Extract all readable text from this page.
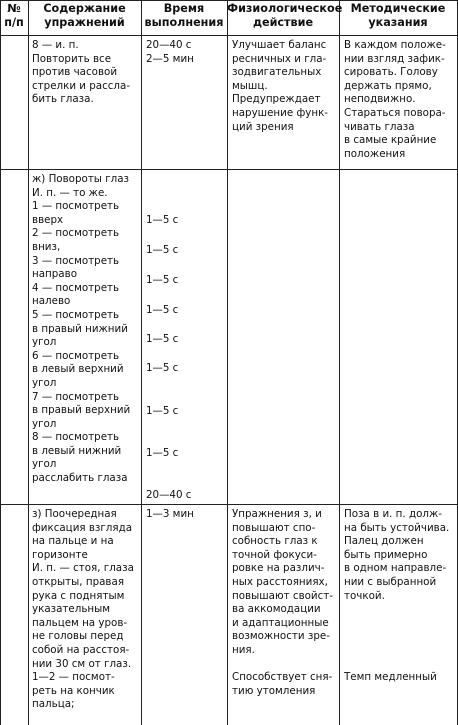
№
п/п
Содержание
упражнений
Время
выполнения
Физиологическое
действие
Методические
указания
8 — и. п.
Повторить все
против часовой
стрелки и рассла-
бить глаза.
20—40 с
2—5 мин
Улучшает баланс
ресничных и гла-
зодвигательных
мышц.
Предупреждает
нарушение функ-
ций зрения
В каждом положе-
нии взгляд зафик-
сировать. Голову
держать прямо,
неподвижно.
Стараться повора-
чивать глаза
в самые крайние
положения
ж) Повороты глаз
И. п. — то же.
1 — посмотреть
вверх
2 — посмотреть
вниз,
3 — посмотреть
направо
4 — посмотреть
налево
5 — посмотреть
в правый нижний
угол
6 — посмотреть
в левый верхний
угол
7 — посмотреть
в правый верхний
угол
8 — посмотреть
в левый нижний
угол
расслабить глаза
1—5 с
1—5 с
1—5 с
1—5 с
1—5 с
1—5 с
1—5 с
1—5 с
20—40 с
з) Поочередная
фиксация взгляда
на пальце и на
горизонте
И. п. — стоя, глаза
открыты, правая
рука с поднятым
указательным
пальцем на уров-
не головы перед
собой на расстоя-
нии 30 см от глаз.
1—2 — посмот-
реть на кончик
пальца;
1—3 мин	Упражнения з, и
повышают спо-
собность глаз к
точной фокуси-
ровке на различ-
ных расстояниях,
повышают свойст-
ва аккомодации
и адаптационные
возможности зре-
ния.
Способствует сня-
тию утомления
Поза в и. п. долж-
на быть устойчива.
Палец должен
быть примерно
в одном направле-
нии с выбранной
точкой.
Темп медленный
